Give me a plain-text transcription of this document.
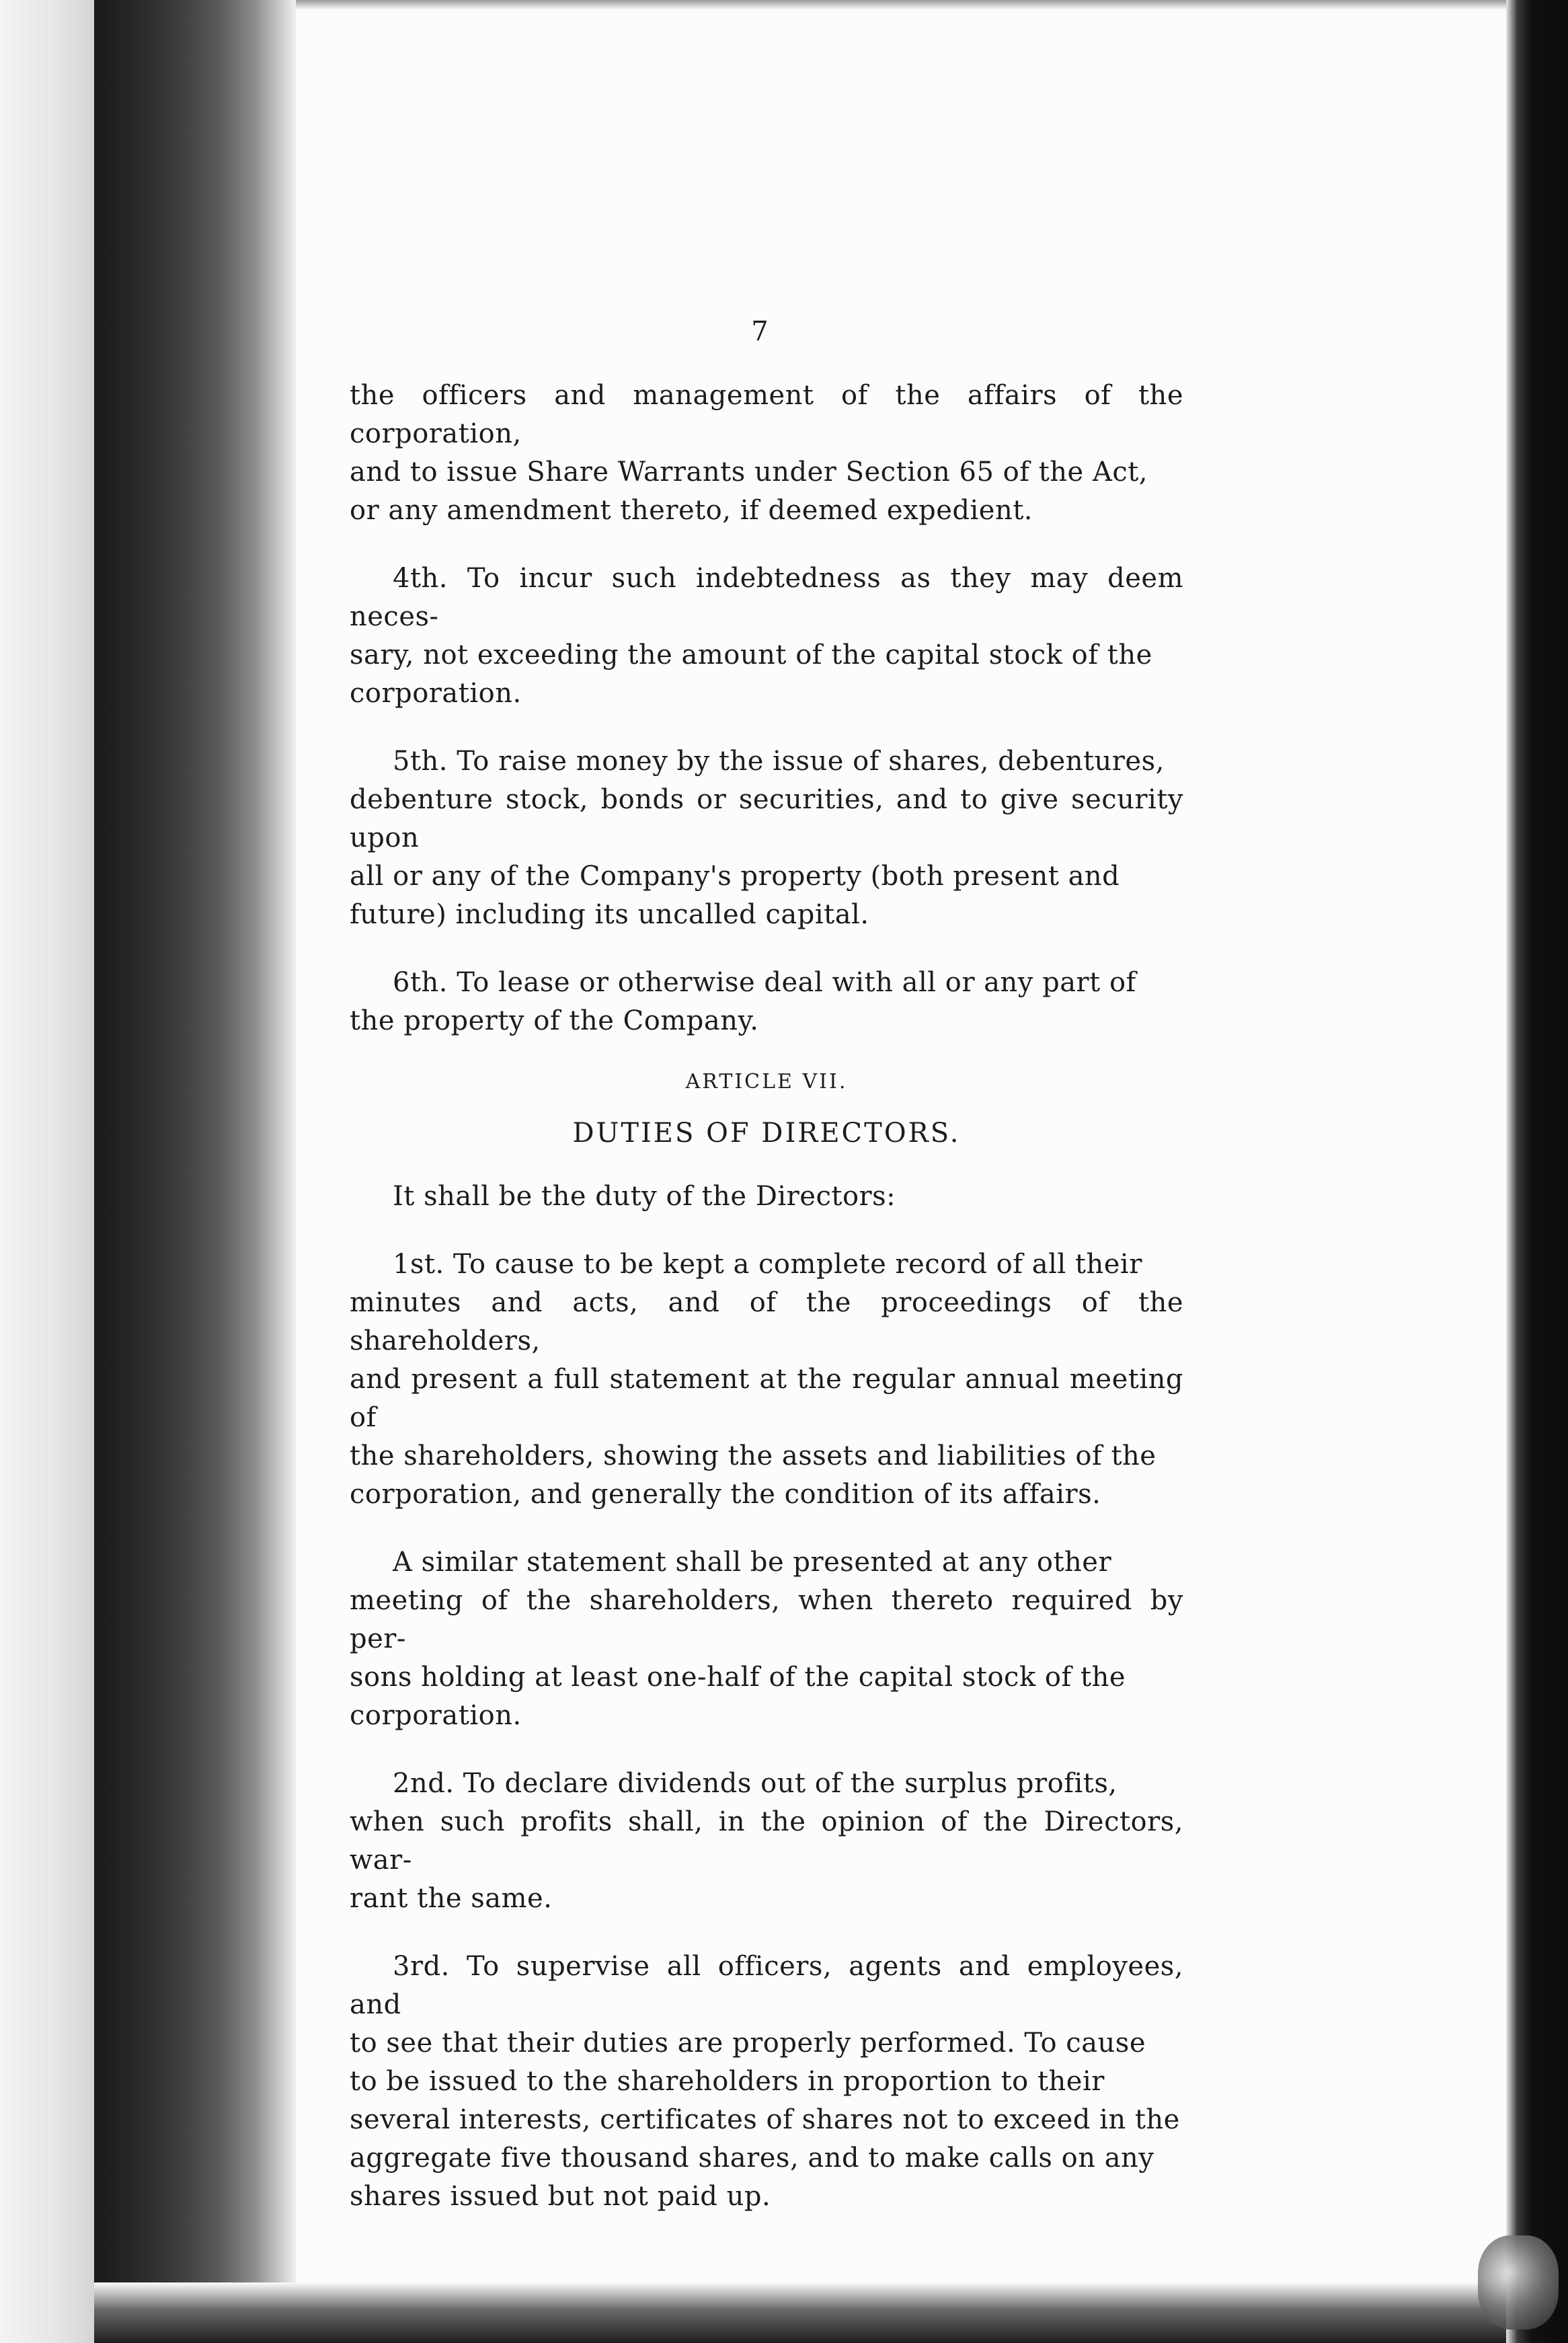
7

the officers and management of the affairs of the corporation,
and to issue Share Warrants under Section 65 of the Act,
or any amendment thereto, if deemed expedient.

4th. To incur such indebtedness as they may deem neces-
sary, not exceeding the amount of the capital stock of the
corporation.

5th. To raise money by the issue of shares, debentures,
debenture stock, bonds or securities, and to give security upon
all or any of the Company's property (both present and
future) including its uncalled capital.

6th. To lease or otherwise deal with all or any part of
the property of the Company.

ARTICLE VII.

DUTIES OF DIRECTORS.

It shall be the duty of the Directors:

1st. To cause to be kept a complete record of all their
minutes and acts, and of the proceedings of the shareholders,
and present a full statement at the regular annual meeting of
the shareholders, showing the assets and liabilities of the
corporation, and generally the condition of its affairs.

A similar statement shall be presented at any other
meeting of the shareholders, when thereto required by per-
sons holding at least one-half of the capital stock of the
corporation.

2nd. To declare dividends out of the surplus profits,
when such profits shall, in the opinion of the Directors, war-
rant the same.

3rd. To supervise all officers, agents and employees, and
to see that their duties are properly performed. To cause
to be issued to the shareholders in proportion to their
several interests, certificates of shares not to exceed in the
aggregate five thousand shares, and to make calls on any
shares issued but not paid up.
